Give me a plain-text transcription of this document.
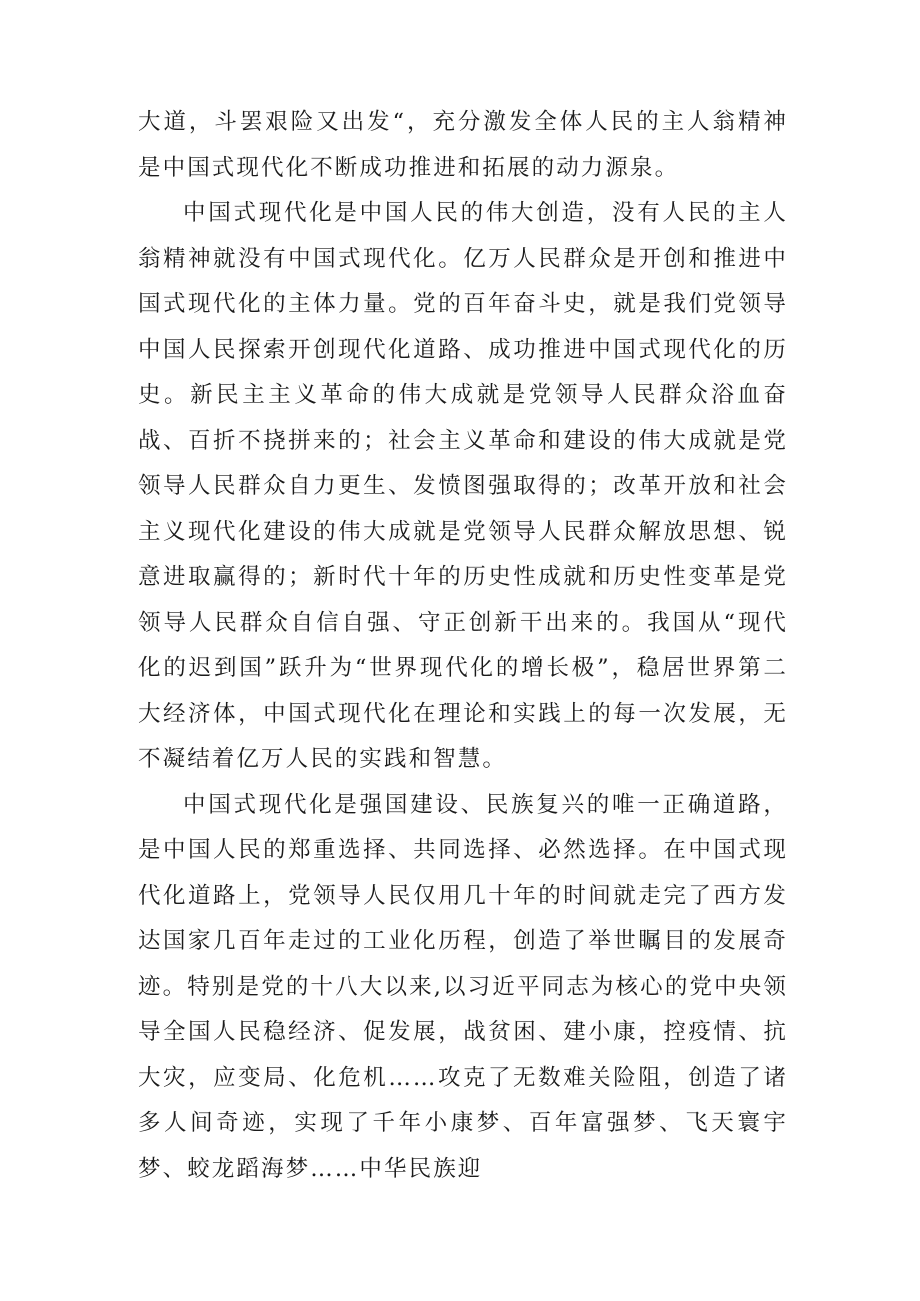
大道，斗罢艰险又出发“，充分激发全体人民的主人翁精神是中国式现代化不断成功推进和拓展的动力源泉。

中国式现代化是中国人民的伟大创造，没有人民的主人翁精神就没有中国式现代化。亿万人民群众是开创和推进中国式现代化的主体力量。党的百年奋斗史，就是我们党领导中国人民探索开创现代化道路、成功推进中国式现代化的历史。新民主主义革命的伟大成就是党领导人民群众浴血奋战、百折不挠拼来的；社会主义革命和建设的伟大成就是党领导人民群众自力更生、发愤图强取得的；改革开放和社会主义现代化建设的伟大成就是党领导人民群众解放思想、锐意进取赢得的；新时代十年的历史性成就和历史性变革是党领导人民群众自信自强、守正创新干出来的。我国从“现代化的迟到国”跃升为“世界现代化的增长极”，稳居世界第二大经济体，中国式现代化在理论和实践上的每一次发展，无不凝结着亿万人民的实践和智慧。

中国式现代化是强国建设、民族复兴的唯一正确道路，是中国人民的郑重选择、共同选择、必然选择。在中国式现代化道路上，党领导人民仅用几十年的时间就走完了西方发达国家几百年走过的工业化历程，创造了举世瞩目的发展奇迹。特别是党的十八大以来,以习近平同志为核心的党中央领导全国人民稳经济、促发展，战贫困、建小康，控疫情、抗大灾，应变局、化危机……攻克了无数难关险阻，创造了诸多人间奇迹，实现了千年小康梦、百年富强梦、飞天寰宇梦、蛟龙蹈海梦……中华民族迎
